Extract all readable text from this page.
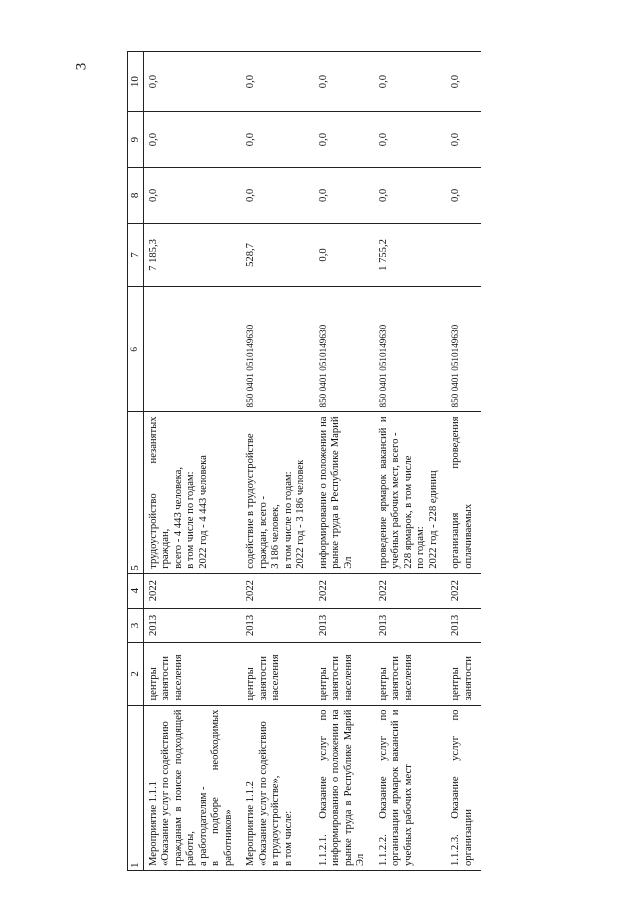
3
1	2	3	4	5	6	7	8	9	10

Мероприятие 1.1.1 «Оказание услуг по содействию гражданам в поиске подходящей работы, а работодателям - в подборе необходимых работников»	центры занятости населения	2013	2022	трудоустройство незанятых граждан, всего - 4 443 человека, в том числе по годам: 2022 год - 4 443 человека		7 185,3	0,0	0,0	0,0

Мероприятие 1.1.2 «Оказание услуг по содействию в трудоустройстве», в том числе:	центры занятости населения	2013	2022	содействие в трудоустройстве граждан, всего - 3 186 человек, в том числе по годам: 2022 год - 3 186 человек	850 0401 0510149630	528,7	0,0	0,0	0,0

1.1.2.1. Оказание услуг по информированию о положении на рынке труда в Республике Марий Эл	центры занятости населения	2013	2022	информирование о положении на рынке труда в Республике Марий Эл	850 0401 0510149630	0,0	0,0	0,0	0,0

1.1.2.2. Оказание услуг по организации ярмарок вакансий и учебных рабочих мест	центры занятости населения	2013	2022	проведение ярмарок вакансий и учебных рабочих мест, всего - 228 ярмарок, в том числе по годам: 2022 год - 228 единиц	850 0401 0510149630	1 755,2	0,0	0,0	0,0

1.1.2.3. Оказание услуг по организации	центры занятости	2013	2022	организация проведения оплачиваемых	850 0401 0510149630		0,0	0,0	0,0
